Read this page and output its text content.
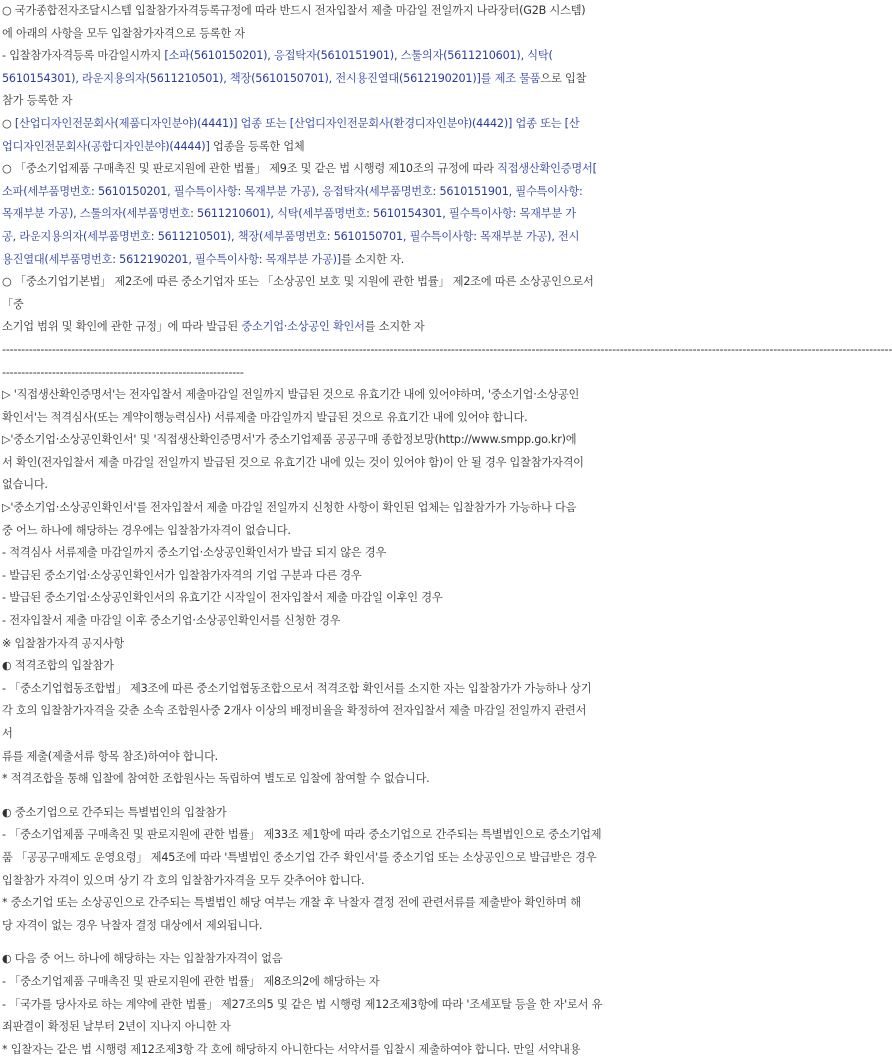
○ 국가종합전자조달시스템 입찰참가자격등록규정에 따라 반드시 전자입찰서 제출 마감일 전일까지 나라장터(G2B 시스템)
에 아래의 사항을 모두 입찰참가자격으로 등록한 자
- 입찰참가자격등록 마감일시까지 [소파(5610150201), 응접탁자(5610151901), 스툴의자(5611210601), 식탁(
5610154301), 라운지용의자(5611210501), 책장(5610150701), 전시용진열대(5612190201)]를 제조 물품으로 입찰
참가 등록한 자
○ [산업디자인전문회사(제품디자인분야)(4441)] 업종 또는 [산업디자인전문회사(환경디자인분야)(4442)] 업종 또는 [산
업디자인전문회사(공합디자인분야)(4444)] 업종을 등록한 업체
○ 「중소기업제품 구매촉진 및 판로지원에 관한 법률」 제9조 및 같은 법 시행령 제10조의 규정에 따라 직접생산확인증명서[
소파(세부품명번호: 5610150201, 필수특이사항: 목재부분 가공), 응접탁자(세부품명번호: 5610151901, 필수특이사항:
목재부분 가공), 스툴의자(세부품명번호: 5611210601), 식탁(세부품명번호: 5610154301, 필수특이사항: 목재부분 가
공, 라운지용의자(세부품명번호: 5611210501), 책장(세부품명번호: 5610150701, 필수특이사항: 목재부분 가공), 전시
용진열대(세부품명번호: 5612190201, 필수특이사항: 목재부분 가공)]를 소지한 자.
○ 「중소기업기본법」 제2조에 따른 중소기업자 또는 「소상공인 보호 및 지원에 관한 법률」 제2조에 따른 소상공인으로서
「중
소기업 범위 및 확인에 관한 규정」에 따라 발급된 중소기업·소상공인 확인서를 소지한 자
----------------------------------------------------------------------------------------------------------------------------------------------------------------------------------------------------------------------------------------
---------------------------------------------------------------
▷ '직접생산확인증명서'는 전자입찰서 제출마감일 전일까지 발급된 것으로 유효기간 내에 있어야하며, '중소기업·소상공인
확인서'는 적격심사(또는 계약이행능력심사) 서류제출 마감일까지 발급된 것으로 유효기간 내에 있어야 합니다.
▷'중소기업·소상공인확인서' 및 '직접생산확인증명서'가 중소기업제품 공공구매 종합정보망(http://www.smpp.go.kr)에
서 확인(전자입찰서 제출 마감일 전일까지 발급된 것으로 유효기간 내에 있는 것이 있어야 함)이 안 될 경우 입찰참가자격이
없습니다.
▷'중소기업·소상공인확인서'를 전자입찰서 제출 마감일 전일까지 신청한 사항이 확인된 업체는 입찰참가가 가능하나 다음
중 어느 하나에 해당하는 경우에는 입찰참가자격이 없습니다.
- 적격심사 서류제출 마감일까지 중소기업·소상공인확인서가 발급 되지 않은 경우
- 발급된 중소기업·소상공인확인서가 입찰참가자격의 기업 구분과 다른 경우
- 발급된 중소기업·소상공인확인서의 유효기간 시작일이 전자입찰서 제출 마감일 이후인 경우
- 전자입찰서 제출 마감일 이후 중소기업·소상공인확인서를 신청한 경우
※ 입찰참가자격 공지사항
◐ 적격조합의 입찰참가
- 「중소기업협동조합법」 제3조에 따른 중소기업협동조합으로서 적격조합 확인서를 소지한 자는 입찰참가가 가능하나 상기
각 호의 입찰참가자격을 갖춘 소속 조합원사중 2개사 이상의 배정비율을 확정하여 전자입찰서 제출 마감일 전일까지 관련서
서
류를 제출(제출서류 항목 참조)하여야 합니다.
* 적격조합을 통해 입찰에 참여한 조합원사는 독립하여 별도로 입찰에 참여할 수 없습니다.
◐ 중소기업으로 간주되는 특별법인의 입찰참가
- 「중소기업제품 구매촉진 및 판로지원에 관한 법률」 제33조 제1항에 따라 중소기업으로 간주되는 특별법인으로 중소기업제
품 「공공구매제도 운영요령」 제45조에 따라 '특별법인 중소기업 간주 확인서'를 중소기업 또는 소상공인으로 발급받은 경우
입찰참가 자격이 있으며 상기 각 호의 입찰참가자격을 모두 갖추어야 합니다.
* 중소기업 또는 소상공인으로 간주되는 특별법인 해당 여부는 개찰 후 낙찰자 결정 전에 관련서류를 제출받아 확인하며 해
당 자격이 없는 경우 낙찰자 결정 대상에서 제외됩니다.
◐ 다음 중 어느 하나에 해당하는 자는 입찰참가자격이 없음
- 「중소기업제품 구매촉진 및 판로지원에 관한 법률」 제8조의2에 해당하는 자
- 「국가를 당사자로 하는 계약에 관한 법률」 제27조의5 및 같은 법 시행령 제12조제3항에 따라 '조세포탈 등을 한 자'로서 유
죄판결이 확정된 날부터 2년이 지나지 아니한 자
* 입찰자는 같은 법 시행령 제12조제3항 각 호에 해당하지 아니한다는 서약서를 입찰시 제출하여야 합니다. 만일 서약내용
